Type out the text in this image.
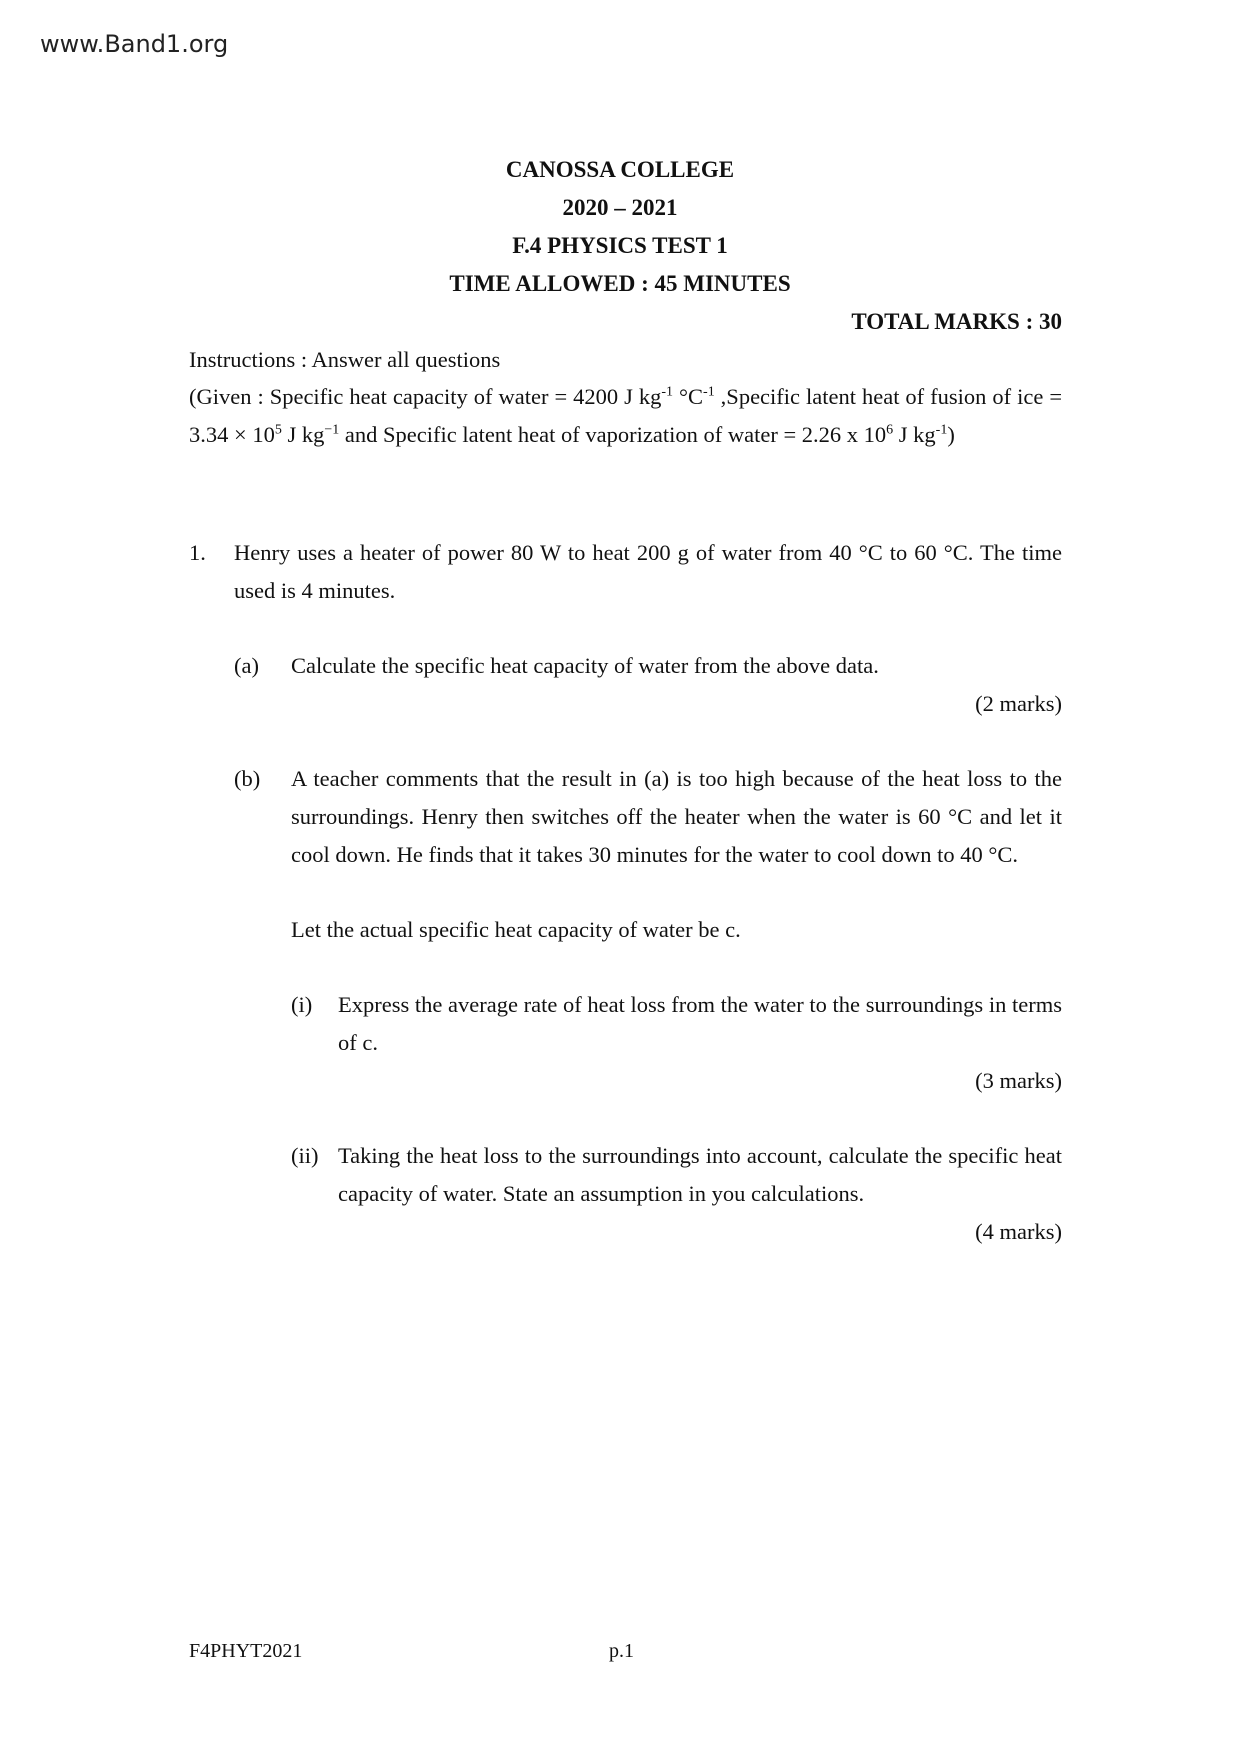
www.Band1.org
CANOSSA COLLEGE
2020 – 2021
F.4 PHYSICS TEST 1
TIME ALLOWED : 45 MINUTES
TOTAL MARKS : 30
Instructions : Answer all questions
(Given : Specific heat capacity of water = 4200 J $kg^{-1}$ $^\circ C^{-1}$ ,Specific latent heat of fusion of ice = $3.34 \times 10^5$ J $kg^{-1}$ and Specific latent heat of vaporization of water = 2.26 x $10^6$ J $kg^{-1}$)
1. Henry uses a heater of power 80 W to heat 200 g of water from 40 °C to 60 °C. The time used is 4 minutes.
(a) Calculate the specific heat capacity of water from the above data.
(2 marks)
(b) A teacher comments that the result in (a) is too high because of the heat loss to the surroundings. Henry then switches off the heater when the water is 60 °C and let it cool down. He finds that it takes 30 minutes for the water to cool down to 40 °C.
Let the actual specific heat capacity of water be c.
(i) Express the average rate of heat loss from the water to the surroundings in terms of c.
(3 marks)
(ii) Taking the heat loss to the surroundings into account, calculate the specific heat capacity of water. State an assumption in you calculations.
(4 marks)
F4PHYT2021	p.1
